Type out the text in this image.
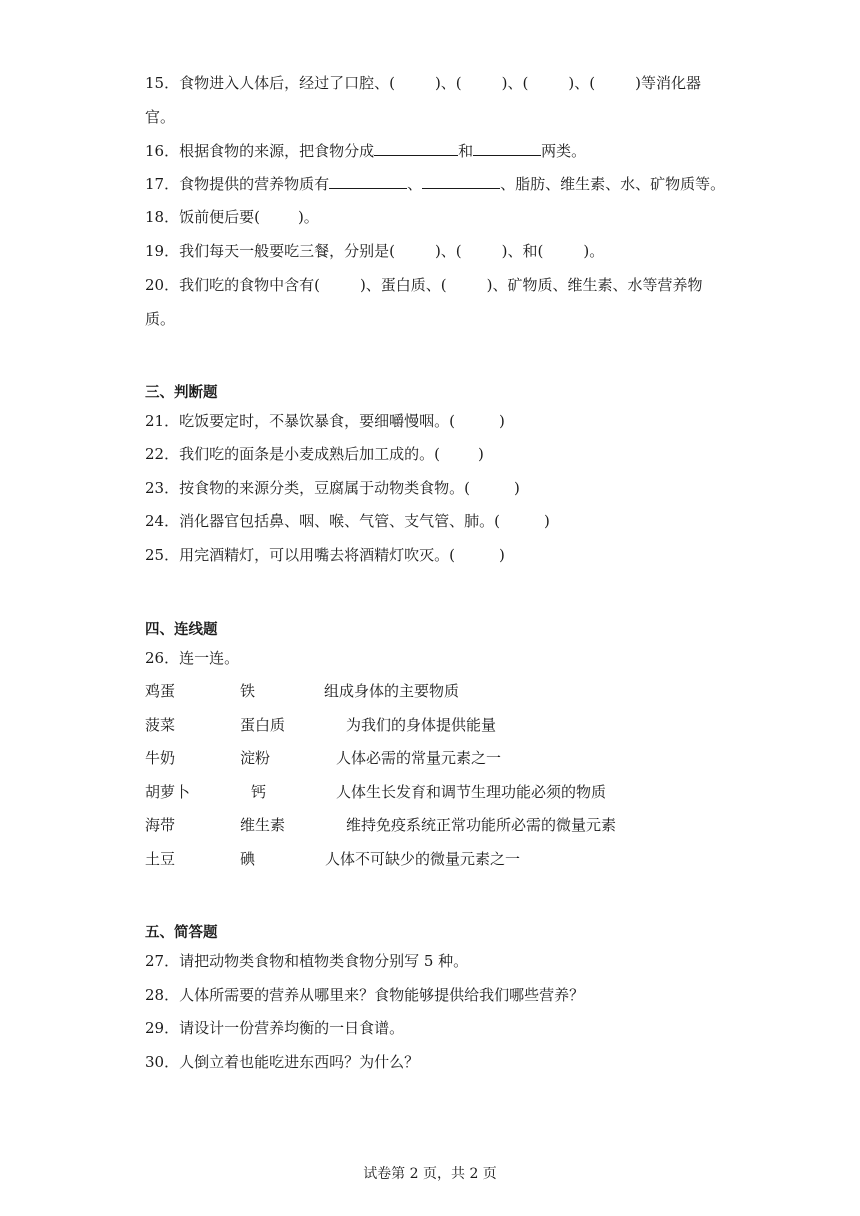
15．食物进入人体后，经过了口腔、(	)、(	)、(	)、(	)等消化器
官。
16．根据食物的来源，把食物分成	和	两类。
17．食物提供的营养物质有	、	、脂肪、维生素、水、矿物质等。
18．饭前便后要(	)。
19．我们每天一般要吃三餐，分别是(	)、(	)、和(	)。
20．我们吃的食物中含有(	)、蛋白质、(	)、矿物质、维生素、水等营养物
质。
三、判断题
21．吃饭要定时，不暴饮暴食，要细嚼慢咽。(	)
22．我们吃的面条是小麦成熟后加工成的。(	)
23．按食物的来源分类，豆腐属于动物类食物。(	)
24．消化器官包括鼻、咽、喉、气管、支气管、肺。(	)
25．用完酒精灯，可以用嘴去将酒精灯吹灭。(	)
四、连线题
26．连一连。
鸡蛋	铁	组成身体的主要物质
菠菜	蛋白质	为我们的身体提供能量
牛奶	淀粉	人体必需的常量元素之一
胡萝卜	钙	人体生长发育和调节生理功能必须的物质
海带	维生素	维持免疫系统正常功能所必需的微量元素
土豆	碘	人体不可缺少的微量元素之一
五、简答题
27．请把动物类食物和植物类食物分别写 5 种。
28．人体所需要的营养从哪里来？食物能够提供给我们哪些营养？
29．请设计一份营养均衡的一日食谱。
30．人倒立着也能吃进东西吗？为什么？
试卷第 2 页，共 2 页
